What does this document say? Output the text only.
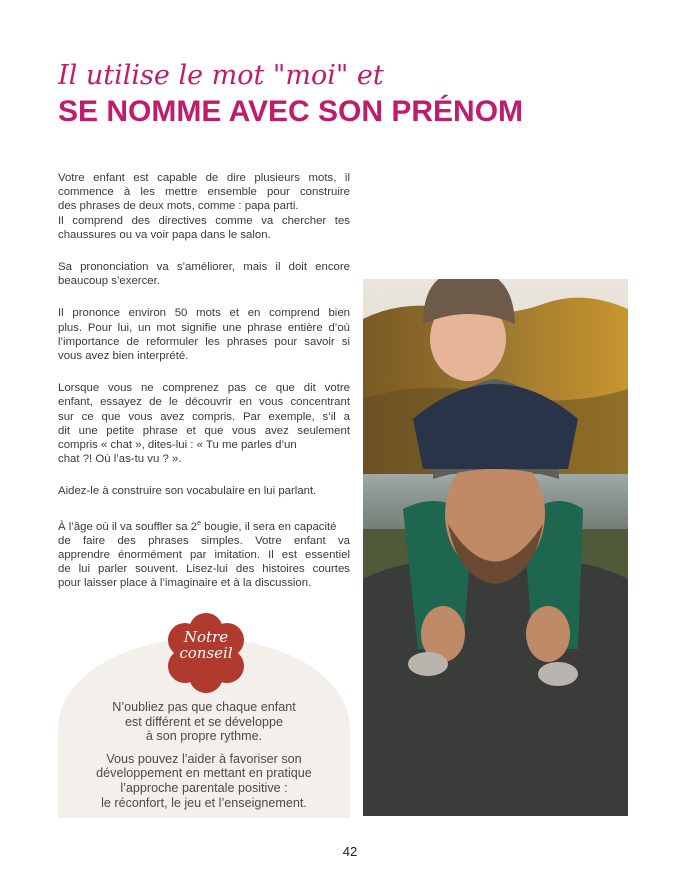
Il utilise le mot "moi" et
SE NOMME AVEC SON PRÉNOM
Votre enfant est capable de dire plusieurs mots, il
commence à les mettre ensemble pour construire
des phrases de deux mots, comme : papa parti.
Il comprend des directives comme va chercher tes
chaussures ou va voir papa dans le salon.
Sa prononciation va s’améliorer, mais il doit encore
beaucoup s’exercer.
Il prononce environ 50 mots et en comprend bien
plus. Pour lui, un mot signifie une phrase entière d’où
l’importance de reformuler les phrases pour savoir si
vous avez bien interprété.
Lorsque vous ne comprenez pas ce que dit votre
enfant, essayez de le découvrir en vous concentrant
sur ce que vous avez compris. Par exemple, s’il a
dit une petite phrase et que vous avez seulement
compris « chat », dites-lui : « Tu me parles d’un
chat ?! Où l’as-tu vu ? ».
Aidez-le à construire son vocabulaire en lui parlant.
À l’âge où il va souffler sa 2e bougie, il sera en capacité
de faire des phrases simples. Votre enfant va
apprendre énormément par imitation. Il est essentiel
de lui parler souvent. Lisez-lui des histoires courtes
pour laisser place à l’imaginaire et à la discussion.
Notre
conseil
N’oubliez pas que chaque enfant
est différent et se développe
à son propre rythme.
Vous pouvez l’aider à favoriser son
développement en mettant en pratique
l’approche parentale positive :
le réconfort, le jeu et l’enseignement.
42
